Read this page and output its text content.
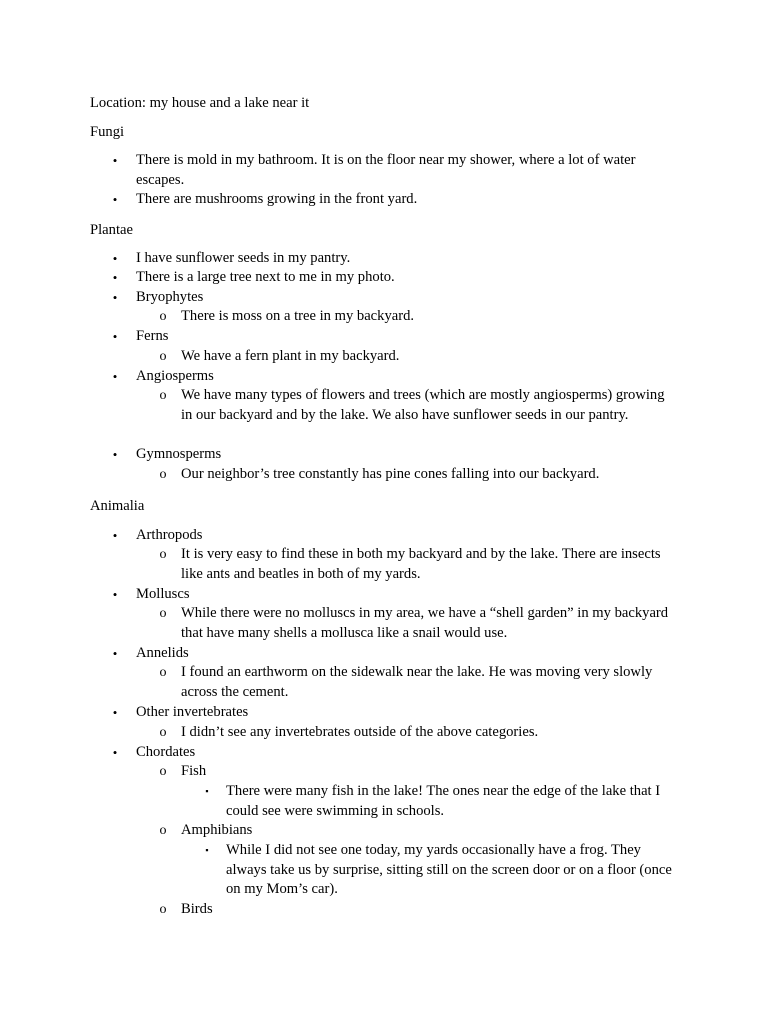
Location: my house and a lake near it
Fungi
•	There is mold in my bathroom. It is on the floor near my shower, where a lot of water escapes.
•	There are mushrooms growing in the front yard.
Plantae
•	I have sunflower seeds in my pantry.
•	There is a large tree next to me in my photo.
•	Bryophytes
o There is moss on a tree in my backyard.
•	Ferns
o We have a fern plant in my backyard.
•	Angiosperms
o We have many types of flowers and trees (which are mostly angiosperms) growing in our backyard and by the lake. We also have sunflower seeds in our pantry.
•	Gymnosperms
o Our neighbor’s tree constantly has pine cones falling into our backyard.
Animalia
•	Arthropods
o It is very easy to find these in both my backyard and by the lake. There are insects like ants and beatles in both of my yards.
•	Molluscs
o While there were no molluscs in my area, we have a “shell garden” in my backyard that have many shells a mollusca like a snail would use.
•	Annelids
o I found an earthworm on the sidewalk near the lake. He was moving very slowly across the cement.
•	Other invertebrates
o I didn’t see any invertebrates outside of the above categories.
•	Chordates
o Fish
▪	There were many fish in the lake! The ones near the edge of the lake that I could see were swimming in schools.
o Amphibians
▪	While I did not see one today, my yards occasionally have a frog. They always take us by surprise, sitting still on the screen door or on a floor (once on my Mom’s car).
o Birds
